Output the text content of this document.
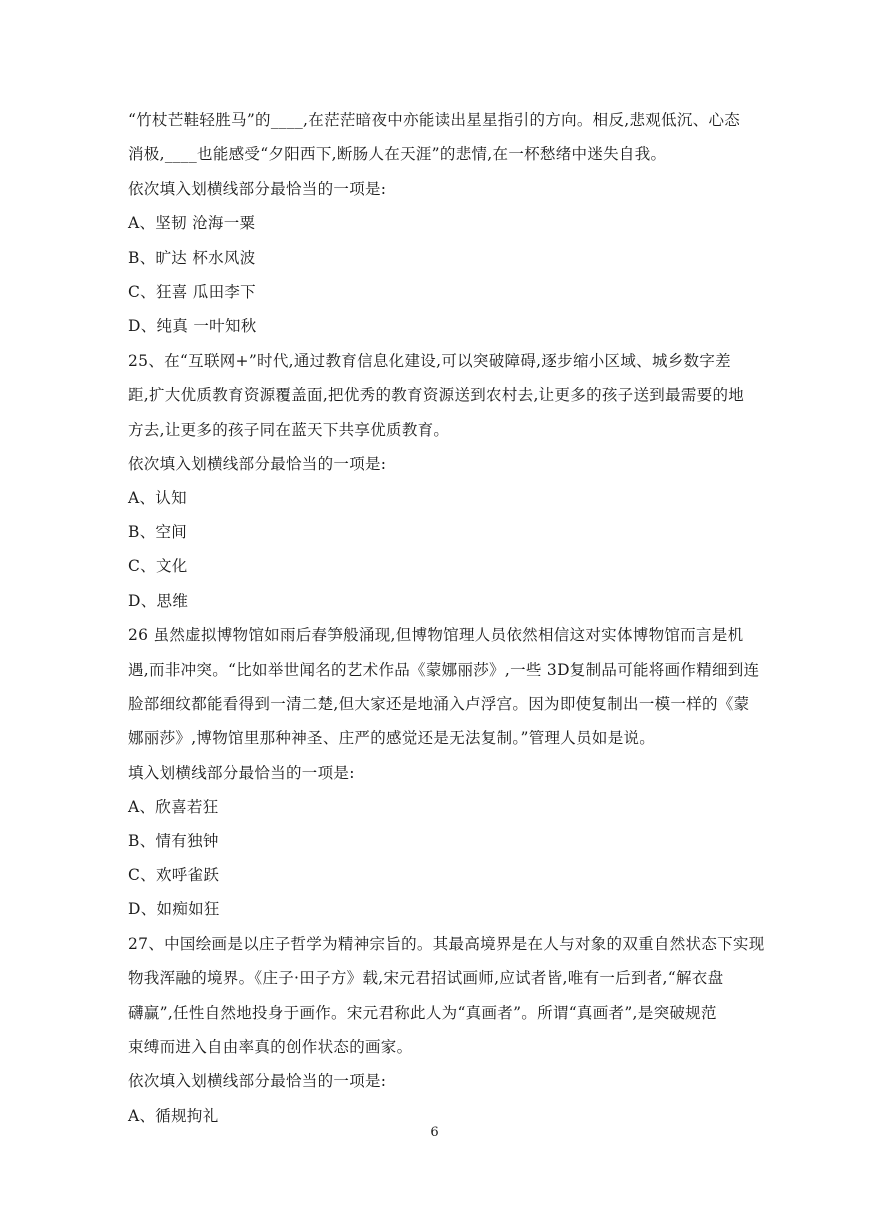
“竹杖芒鞋轻胜马”的____,在茫茫暗夜中亦能读出星星指引的方向。相反,悲观低沉、心态
消极,____也能感受“夕阳西下,断肠人在天涯”的悲情,在一杯愁绪中迷失自我。
依次填入划横线部分最恰当的一项是:
A、坚韧 沧海一粟
B、旷达 杯水风波
C、狂喜 瓜田李下
D、纯真 一叶知秋
25、在“互联网+”时代,通过教育信息化建设,可以突破障碍,逐步缩小区域、城乡数字差
距,扩大优质教育资源覆盖面,把优秀的教育资源送到农村去,让更多的孩子送到最需要的地
方去,让更多的孩子同在蓝天下共享优质教育。
依次填入划横线部分最恰当的一项是:
A、认知
B、空间
C、文化
D、思维
26 虽然虚拟博物馆如雨后春笋般涌现,但博物馆理人员依然相信这对实体博物馆而言是机
遇,而非冲突。“比如举世闻名的艺术作品《蒙娜丽莎》,一些 3D复制品可能将画作精细到连
脸部细纹都能看得到一清二楚,但大家还是地涌入卢浮宫。因为即使复制出一模一样的《蒙
娜丽莎》,博物馆里那种神圣、庄严的感觉还是无法复制。”管理人员如是说。
填入划横线部分最恰当的一项是:
A、欣喜若狂
B、情有独钟
C、欢呼雀跃
D、如痴如狂
27、中国绘画是以庄子哲学为精神宗旨的。其最高境界是在人与对象的双重自然状态下实现
物我浑融的境界。《庄子·田子方》载,宋元君招试画师,应试者皆,唯有一后到者,“解衣盘
礴赢”,任性自然地投身于画作。宋元君称此人为“真画者”。所谓“真画者”,是突破规范
束缚而进入自由率真的创作状态的画家。
依次填入划横线部分最恰当的一项是:
A、循规拘礼
6
